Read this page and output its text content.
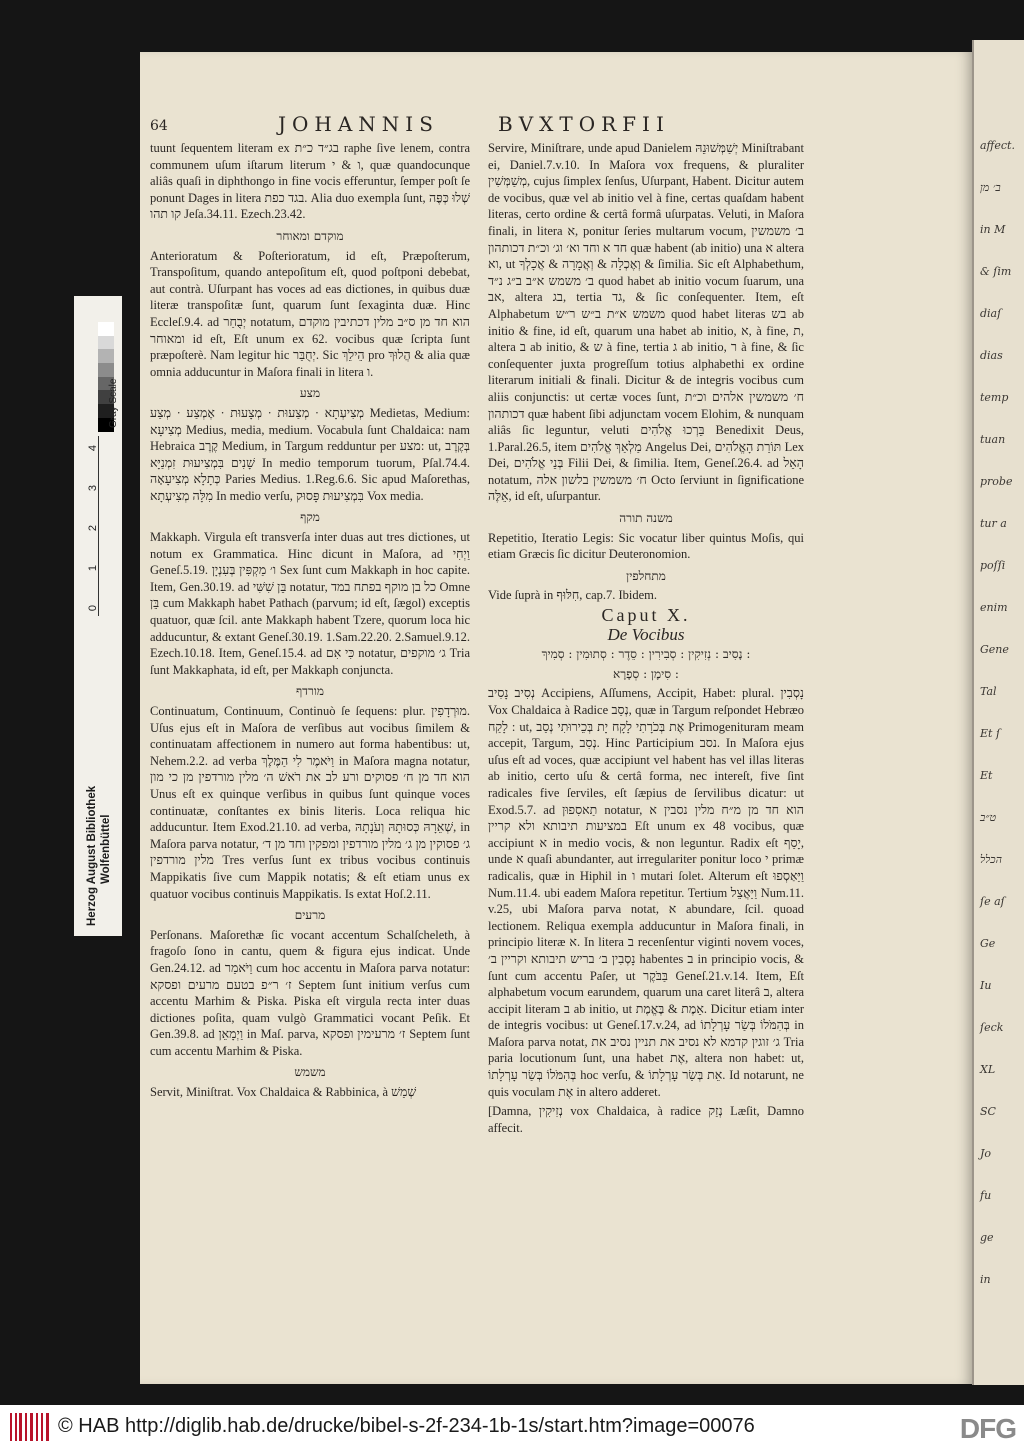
affect.
ב׳ מן
in M
& ſim
diaſ
dias
temp
tuan
probe
tur a
poſſi
enim
Gene
Tal
Et ſ
Et
ט״ב
הכלל
ſe aſ
Ge
Iu
ſeck
XL
SC
Jo
fu
ge
in
64	JOHANNIS	BVXTORFII

tuunt ſequentem literam ex בג״ד כ״ת raphe ſive lenem, contra communem uſum iſtarum literum ו & י, quæ quandocunque aliâs quaſi in diphthongo in fine vocis efferuntur, ſemper poſt ſe ponunt Dages in litera בגד כפת. Alia duo exempla ſunt, שְׁלוּ כְּפֶּה קו תהו Jeſa.34.11. Ezech.23.42.

מוקדם ומאוחר

Anterioratum & Poſterioratum, id eſt, Præpoſterum, Transpoſitum, quando antepoſitum eſt, quod poſtponi debebat, aut contrà. Uſurpant has voces ad eas dictiones, in quibus duæ literæ transpoſitæ ſunt, quarum ſunt ſexaginta duæ. Hinc Eccleſ.9.4. ad יְבֻחַר notatum, הוא חד מן ס״ב מלין דכתיבין מוקדם ומאוחר id eſt, Eſt unum ex 62. vocibus quæ ſcripta ſunt præpoſterè. Nam legitur hic יְחֻבַּר. Sic הֵילֵךְ pro הֲלוּךְ & alia quæ omnia adducuntur in Maſora finali in litera ו.

מצע

מְצִיעְתָא · מְצַעוּת · מְצָעוּת · אֶמְצַע · מְצַע Medietas, Medium: מְצִיעָא Medius, media, medium. Vocabula ſunt Chaldaica: nam Hebraica קֶרֶב Medium, in Targum redduntur per מצע: ut, בְּקֶרֶב שָׁנִים בִּמְצִיעוּת זִמְנַיָּא In medio temporum tuorum, Pſal.74.4. כְּתָלָא מְצִיעָאָה Paries Medius. 1.Reg.6.6. Sic apud Maſorethas, מִלָּה מְצִיעְתָא In medio verſu, בִּמְצִיעוּת פָּסוּק Vox media.

מקף

Makkaph. Virgula eſt transverſa inter duas aut tres dictiones, ut notum ex Grammatica. Hinc dicunt in Maſora, ad וַיְחִי Geneſ.5.19. ו׳ מַקְפִּין בְּעִנְיָן Sex ſunt cum Makkaph in hoc capite. Item, Gen.30.19. ad בֵּן שִׁשִּׁי notatur, כל בן מוקף בפתח במד Omne בֵּן cum Makkaph habet Pathach (parvum; id eſt, ſægol) exceptis quatuor, quæ ſcil. ante Makkaph habent Tzere, quorum loca hic adducuntur, & extant Geneſ.30.19. 1.Sam.22.20. 2.Samuel.9.12. Ezech.10.18. Item, Geneſ.15.4. ad כִּי אִם notatur, ג׳ מוקפים Tria ſunt Makkaphata, id eſt, per Makkaph conjuncta.

מורדף

Continuatum, Continuum, Continuò ſe ſequens: plur. מוּרְדָפִין. Uſus ejus eſt in Maſora de verſibus aut vocibus ſimilem & continuatam affectionem in numero aut forma habentibus: ut, Nehem.2.2. ad verba וַיֹּאמֶר לִי הַמֶּלֶךְ in Maſora magna notatur, הוא חד מן ח׳ פסוקים ורע לב את רֹאשׁ ה׳ מלין מורדפין מן כי מון Unus eſt ex quinque verſibus in quibus ſunt quinque voces continuatæ, conſtantes ex binis literis. Loca reliqua hic adducuntur. Item Exod.21.10. ad verba, שְׁאֵרָהּ כְּסוּתָהּ וְעֹנָתָהּ, in Maſora parva notatur, ג׳ פסוקין מן ג׳ מלין מורדפין ומפקין וחד מן ד׳ מלין מורדפין Tres verſus ſunt ex tribus vocibus continuis Mappikatis ſive cum Mappik notatis; & eſt etiam unus ex quatuor vocibus continuis Mappikatis. Is extat Hoſ.2.11.

מרעים

Perſonans. Maſorethæ ſic vocant accentum Schalſcheleth, à fragoſo ſono in cantu, quem & figura ejus indicat. Unde Gen.24.12. ad וַיֹּאמַר cum hoc accentu in Maſora parva notatur: ז׳ ר״פ בטעם מרעים ופסקא Septem ſunt initium verſus cum accentu Marhim & Piska. Piska eſt virgula recta inter duas dictiones poſita, quam vulgò Grammatici vocant Peſik. Et Gen.39.8. ad וַיְמָאֵן in Maſ. parva, ז׳ מרעימין ופסקא Septem ſunt cum accentu Marhim & Piska.

משמש

Servit, Miniſtrat. Vox Chaldaica & Rabbinica, à שְׁמַשׁ

Servire, Miniſtrare, unde apud Danielem יְשַׁמְּשׁוּנֵהּ Miniſtrabant ei, Daniel.7.v.10. In Maſora vox frequens, & pluraliter מְשַׁמְּשִׁין, cujus ſimplex ſenſus, Uſurpant, Habent. Dicitur autem de vocibus, quæ vel ab initio vel à fine, certas quaſdam habent literas, certo ordine & certâ formâ uſurpatas. Veluti, in Maſora finali, in litera א, ponitur ſeries multarum vocum, ב׳ משמשין חד א וחד וא׳ וג׳ וכ״ת דכותהון quæ habent (ab initio) una א altera וא, ut וְאֶכְלָה & וְאֲמָרָה & אֲכָלְךָ & ſimilia. Sic eſt Alphabethum, ב׳ משמש א״ב ב״ג נ״ד quod habet ab initio vocum ſuarum, una אב, altera בג, tertia גד, & ſic conſequenter. Item, eſt Alphabetum משמש א״ת ב״ש ר״ש quod habet literas בש ab initio & fine, id eſt, quarum una habet ab initio, א, à fine, ת, altera ב ab initio, & ש à fine, tertia ג ab initio, ר à fine, & ſic conſequenter juxta progreſſum totius alphabethi ex ordine literarum initiali & finali. Dicitur & de integris vocibus cum aliis conjunctis: ut certæ voces ſunt, ח׳ משמשין אלהים וכ״ת דכותהון quæ habent ſibi adjunctam vocem Elohim, & nunquam aliâs ſic leguntur, veluti בֵּרְכוּ אֱלֹהִים Benedixit Deus, 1.Paral.26.5, item מַלְאַךְ אֱלֹהִים Angelus Dei, תּוֹרַת הָאֱלֹהִים Lex Dei, בְּנֵי אֱלֹהִים Filii Dei, & ſimilia. Item, Geneſ.26.4. ad הָאֵל notatum, ח׳ משמשין בלשון אלה Octo ſerviunt in ſignificatione אֵלֶּה, id eſt, uſurpantur.

משנה תורה

Repetitio, Iteratio Legis: Sic vocatur liber quintus Moſis, qui etiam Græcis ſic dicitur Deuteronomion.

מתחלפין

Vide ſuprà in חִלּוּף, cap.7. Ibidem.

Caput X.

De Vocibus

נָסִיב : נְזִיקִין : סְבִירִין : סֵדֶר : סְתוּמִין : סְמִיךְ :

סִימָן : סְפָרָא :

נְסִיב נָסִיב Accipiens, Aſſumens, Accipit, Habet: plural. נָסְבִין Vox Chaldaica à Radice נְסַב, quæ in Targum reſpondet Hebræo לָקַח : ut, אֶת בְּכֹרָתִי לָקָח יָת בְּכֵירוּתִי נְסַב Primogenituram meam accepit, Targum, נְסִב. Hinc Participium נסב. In Maſora ejus uſus eſt ad voces, quæ accipiunt vel habent has vel illas literas ab initio, certo uſu & certâ forma, nec intereſt, five ſint radicales five ſerviles, eſt ſæpius de ſervilibus dicatur: ut Exod.5.7. ad תַאסִפוּן notatur, הוא חד מן מ״ח מלין נסבין א במציעות תיבותא ולא קריין Eſt unum ex 48 vocibus, quæ accipiunt א in medio vocis, & non leguntur. Radix eſt יָסַף, unde א quaſi abundanter, aut irregulariter ponitur loco י primæ radicalis, quæ in Hiphil in ו mutari ſolet. Alterum eſt וַיַּאַסְפוּ Num.11.4. ubi eadem Maſora repetitur. Tertium וַיַּאֲצֵל Num.11. v.25, ubi Maſora parva notat, א abundare, ſcil. quoad lectionem. Reliqua exempla adducuntur in Maſora finali, in principio literæ א. In litera ב recenſentur viginti novem voces, נָסְבִין ב׳ בריש תיבותא וקריין ב׳ habentes ב in principio vocis, & ſunt cum accentu Paſer, ut בַּבֹּקֶר Geneſ.21.v.14. Item, Eſt alphabetum vocum earundem, quarum una caret literâ ב, altera accipit literam ב ab initio, ut אֵמֶת & בֶּאֱמֶת. Dicitur etiam inter de integris vocibus: ut Geneſ.17.v.24, ad בְּהִמֹּלוֹ בְּשַׂר עָרְלָתוֹ in Maſora parva notat, ג׳ זוגין קדמא לא נסיב את תניין נסיב את Tria paria locutionum ſunt, una habet אֶת, altera non habet: ut, בְּהִמֹּלוֹ בְּשַׂר עָרְלָתוֹ hoc verſu, & אֵת בְּשַׂר עָרְלָתוֹ. Id notarunt, ne quis voculam אֶת in altero adderet.

[Damna, נְזִיקִין vox Chaldaica, à radice נְזַק Læſit, Damno affecit.

Gray Scale
0
1
2
3
4
Herzog August Bibliothek Wolfenbüttel
© HAB http://diglib.hab.de/drucke/bibel-s-2f-234-1b-1s/start.htm?image=00076	DFG
